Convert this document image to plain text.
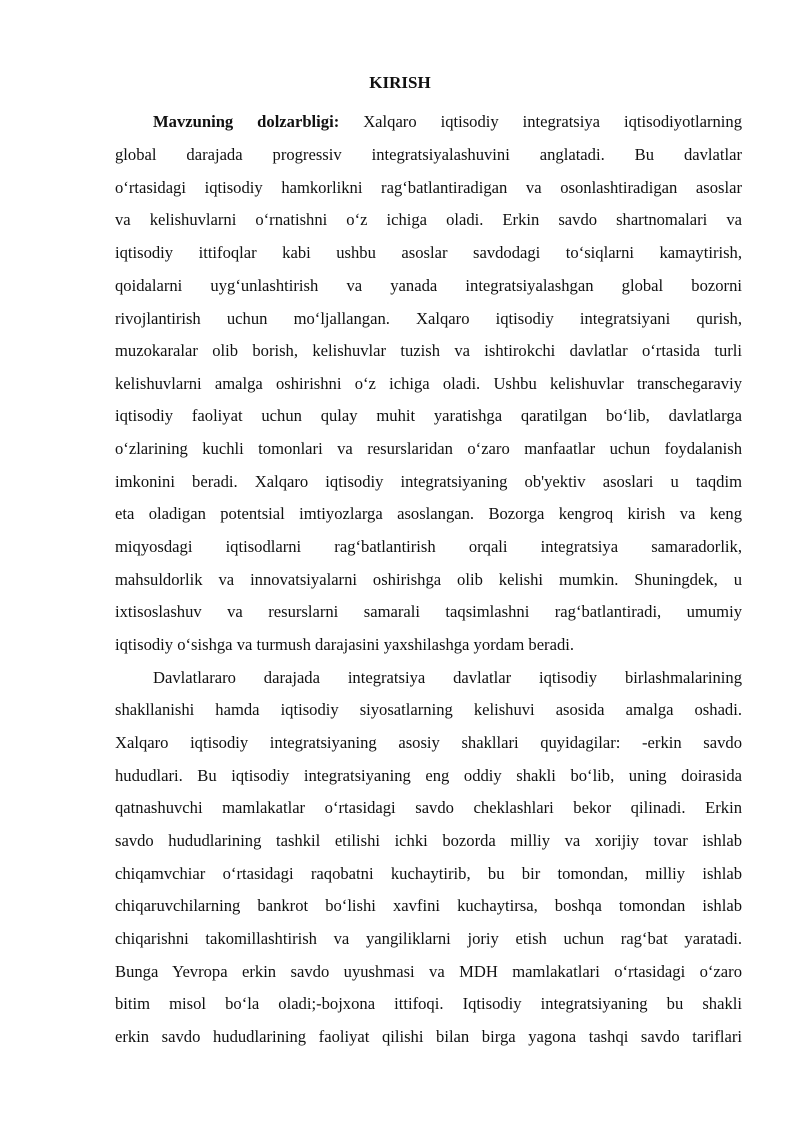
KIRISH
Mavzuning dolzarbligi: Xalqaro iqtisodiy integratsiya iqtisodiyotlarning
global darajada progressiv integratsiyalashuvini anglatadi. Bu davlatlar
o‘rtasidagi iqtisodiy hamkorlikni rag‘batlantiradigan va osonlashtiradigan asoslar
va kelishuvlarni o‘rnatishni o‘z ichiga oladi. Erkin savdo shartnomalari va
iqtisodiy ittifoqlar kabi ushbu asoslar savdodagi to‘siqlarni kamaytirish,
qoidalarni uyg‘unlashtirish va yanada integratsiyalashgan global bozorni
rivojlantirish uchun mo‘ljallangan. Xalqaro iqtisodiy integratsiyani qurish,
muzokaralar olib borish, kelishuvlar tuzish va ishtirokchi davlatlar o‘rtasida turli
kelishuvlarni amalga oshirishni o‘z ichiga oladi. Ushbu kelishuvlar transchegaraviy
iqtisodiy faoliyat uchun qulay muhit yaratishga qaratilgan bo‘lib, davlatlarga
o‘zlarining kuchli tomonlari va resurslaridan o‘zaro manfaatlar uchun foydalanish
imkonini beradi. Xalqaro iqtisodiy integratsiyaning ob'yektiv asoslari u taqdim
eta oladigan potentsial imtiyozlarga asoslangan. Bozorga kengroq kirish va keng
miqyosdagi iqtisodlarni rag‘batlantirish orqali integratsiya samaradorlik,
mahsuldorlik va innovatsiyalarni oshirishga olib kelishi mumkin. Shuningdek, u
ixtisoslashuv va resurslarni samarali taqsimlashni rag‘batlantiradi, umumiy
iqtisodiy o‘sishga va turmush darajasini yaxshilashga yordam beradi.
Davlatlararo darajada integratsiya davlatlar iqtisodiy birlashmalarining
shakllanishi hamda iqtisodiy siyosatlarning kelishuvi asosida amalga oshadi.
Xalqaro iqtisodiy integratsiyaning asosiy shakllari quyidagilar: -erkin savdo
hududlari. Bu iqtisodiy integratsiyaning eng oddiy shakli bo‘lib, uning doirasida
qatnashuvchi mamlakatlar o‘rtasidagi savdo cheklashlari bekor qilinadi. Erkin
savdo hududlarining tashkil etilishi ichki bozorda milliy va xorijiy tovar ishlab
chiqamvchiar o‘rtasidagi raqobatni kuchaytirib, bu bir tomondan, milliy ishlab
chiqaruvchilarning bankrot bo‘lishi xavfini kuchaytirsa, boshqa tomondan ishlab
chiqarishni takomillashtirish va yangiliklarni joriy etish uchun rag‘bat yaratadi.
Bunga Yevropa erkin savdo uyushmasi va MDH mamlakatlari o‘rtasidagi o‘zaro
bitim misol bo‘la oladi;-bojxona ittifoqi. Iqtisodiy integratsiyaning bu shakli
erkin savdo hududlarining faoliyat qilishi bilan birga yagona tashqi savdo tariflari
